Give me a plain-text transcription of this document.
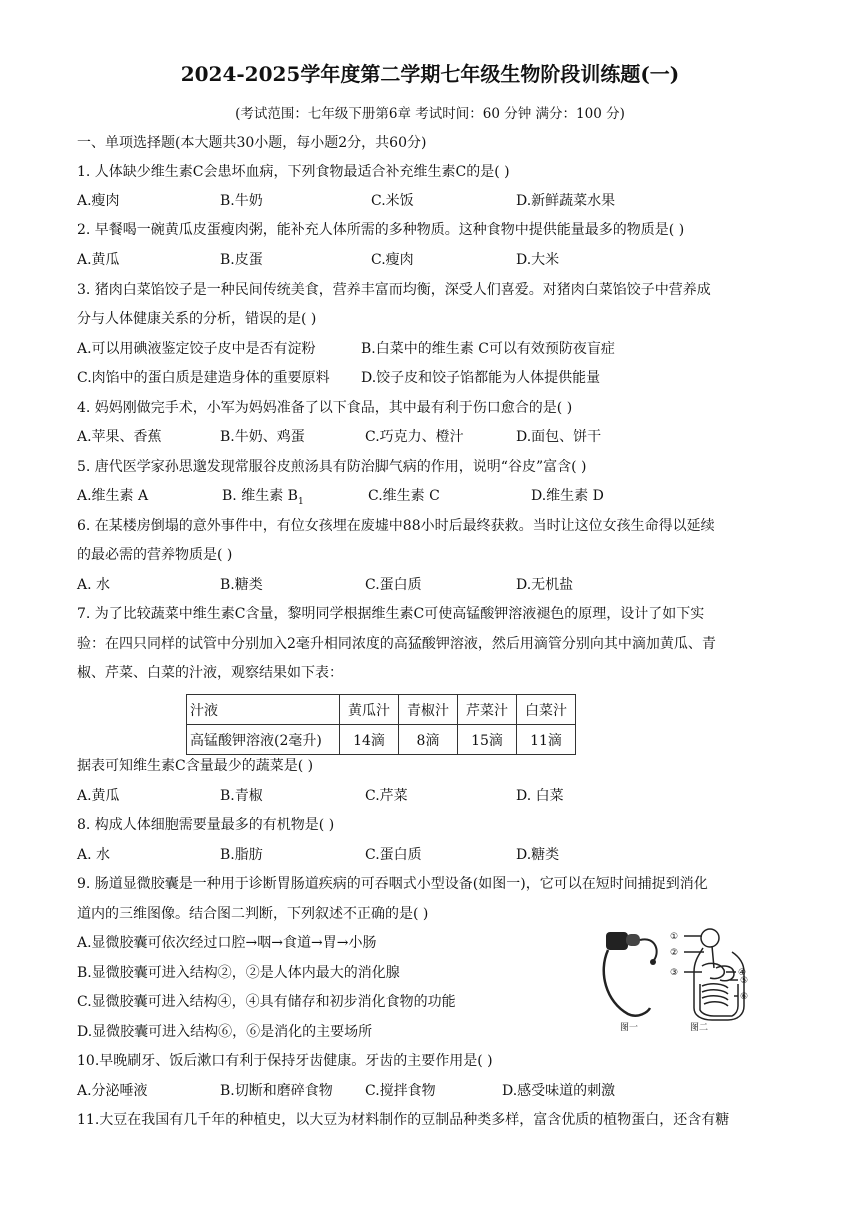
2024-2025学年度第二学期七年级生物阶段训练题(一)
(考试范围：七年级下册第6章 考试时间：60 分钟 满分：100 分)
一、单项选择题(本大题共30小题，每小题2分，共60分)
1. 人体缺少维生素C会患坏血病，下列食物最适合补充维生素C的是( )
A.瘦肉	B.牛奶	C.米饭	D.新鲜蔬菜水果
2. 早餐喝一碗黄瓜皮蛋瘦肉粥，能补充人体所需的多种物质。这种食物中提供能量最多的物质是( )
A.黄瓜	B.皮蛋	C.瘦肉	D.大米
3. 猪肉白菜馅饺子是一种民间传统美食，营养丰富而均衡，深受人们喜爱。对猪肉白菜馅饺子中营养成
分与人体健康关系的分析，错误的是( )
A.可以用碘液鉴定饺子皮中是否有淀粉	B.白菜中的维生素 C可以有效预防夜盲症
C.肉馅中的蛋白质是建造身体的重要原料 D.饺子皮和饺子馅都能为人体提供能量
4. 妈妈刚做完手术，小军为妈妈准备了以下食品，其中最有利于伤口愈合的是( )
A.苹果、香蕉	B.牛奶、鸡蛋	C.巧克力、橙汁	D.面包、饼干
5. 唐代医学家孙思邈发现常服谷皮煎汤具有防治脚气病的作用，说明“谷皮”富含( )
A.维生素 A	B. 维生素 $B_1$	C.维生素 C	D.维生素 D
6. 在某楼房倒塌的意外事件中，有位女孩埋在废墟中88小时后最终获救。当时让这位女孩生命得以延续
的最必需的营养物质是( )
A. 水	B.糖类	C.蛋白质	D.无机盐
7. 为了比较蔬菜中维生素C含量，黎明同学根据维生素C可使高锰酸钾溶液褪色的原理，设计了如下实
验：在四只同样的试管中分别加入2毫升相同浓度的高猛酸钾溶液，然后用滴管分别向其中滴加黄瓜、青
椒、芹菜、白菜的汁液，观察结果如下表：
汁液	黄瓜汁	青椒汁	芹菜汁	白菜汁
高锰酸钾溶液(2毫升)	14滴	8滴	15滴	11滴
据表可知维生素C含量最少的蔬菜是( )
A.黄瓜	B.青椒	C.芹菜	D. 白菜
8. 构成人体细胞需要量最多的有机物是( )
A. 水	B.脂肪	C.蛋白质	D.糖类
9. 肠道显微胶囊是一种用于诊断胃肠道疾病的可吞咽式小型设备(如图一)，它可以在短时间捕捉到消化
道内的三维图像。结合图二判断，下列叙述不正确的是( )
A.显微胶囊可依次经过口腔→咽→食道→胃→小肠
B.显微胶囊可进入结构②，②是人体内最大的消化腺
C.显微胶囊可进入结构④，④具有储存和初步消化食物的功能
D.显微胶囊可进入结构⑥，⑥是消化的主要场所
①
②
③	④
⑤
⑥
图一	图二
10.早晚刷牙、饭后漱口有利于保持牙齿健康。牙齿的主要作用是( )
A.分泌唾液	B.切断和磨碎食物 C.搅拌食物	D.感受味道的刺激
11.大豆在我国有几千年的种植史，以大豆为材料制作的豆制品种类多样，富含优质的植物蛋白，还含有糖
